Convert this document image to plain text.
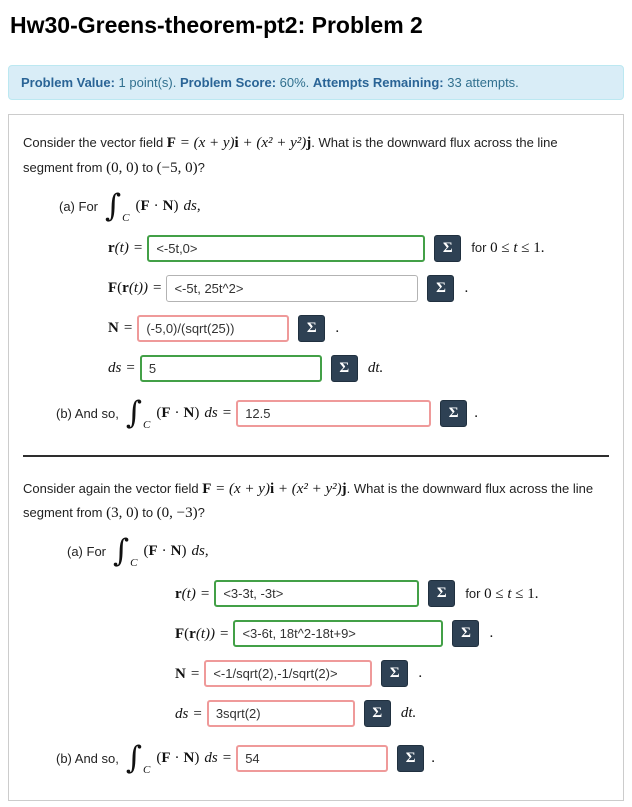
Hw30-Greens-theorem-pt2: Problem 2
Problem Value: 1 point(s). Problem Score: 60%. Attempts Remaining: 33 attempts.
Consider the vector field F = (x + y)i + (x² + y²)j. What is the downward flux across the line segment from (0, 0) to (−5, 0)?
(a) For ∫ C
( F · N ) ds ,
r(t) =
<-5t,0>	Σ	for 0 ≤ t ≤ 1.
F(r(t)) =
<-5t, 25t^2>	Σ	.
N =
(-5,0)/(sqrt(25))	Σ	.
ds =
5	Σ	dt.
(b) And so, ∫ C
( F · N ) ds =
12.5	Σ	.
Consider again the vector field F = (x + y)i + (x² + y²)j. What is the downward flux across the line segment from (3, 0) to (0, −3)?
(a) For ∫ C
( F · N ) ds ,
r(t) =
<3-3t, -3t>	Σ	for 0 ≤ t ≤ 1.
F(r(t)) =
<3-6t, 18t^2-18t+9>	Σ	.
N =
<-1/sqrt(2),-1/sqrt(2)>	Σ	.
ds =
3sqrt(2)	Σ	dt.
(b) And so, ∫ C
( F · N ) ds =
54	Σ	.
